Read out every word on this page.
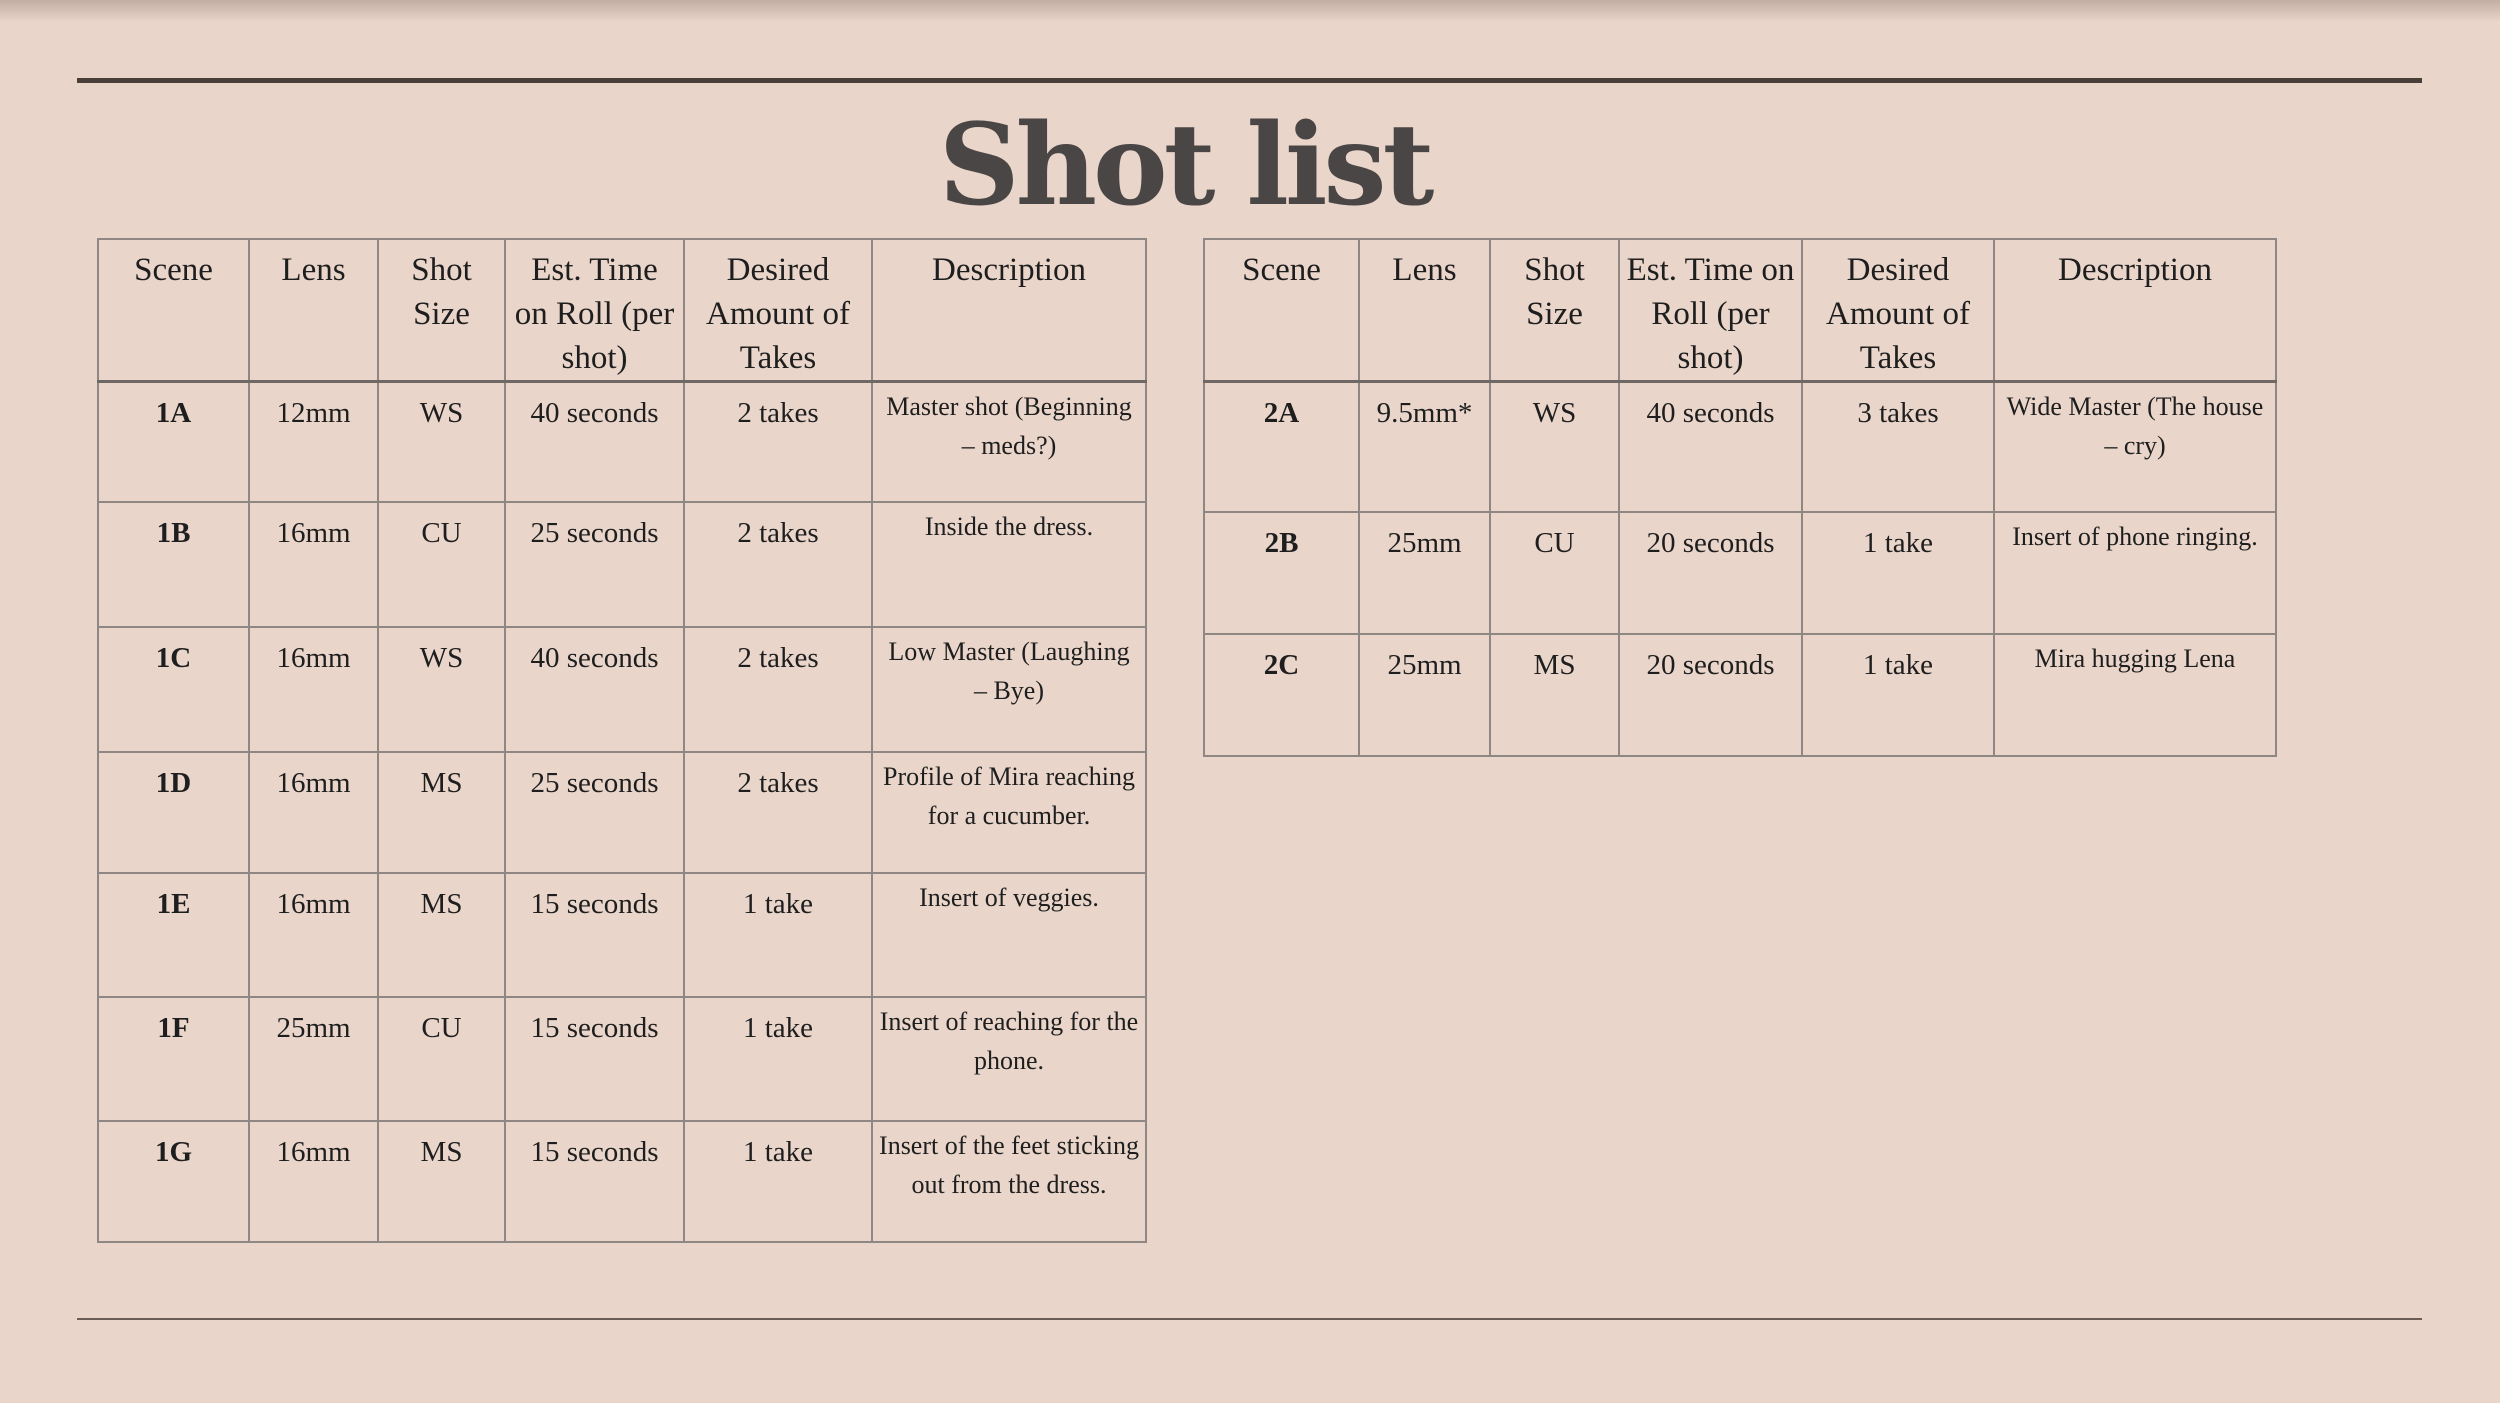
Shot list
Scene	Lens	Shot Size	Est. Time on Roll (per shot)	Desired Amount of Takes	Description
1A	12mm	WS	40 seconds	2 takes	Master shot (Beginning – meds?)
1B	16mm	CU	25 seconds	2 takes	Inside the dress.
1C	16mm	WS	40 seconds	2 takes	Low Master (Laughing – Bye)
1D	16mm	MS	25 seconds	2 takes	Profile of Mira reaching for a cucumber.
1E	16mm	MS	15 seconds	1 take	Insert of veggies.
1F	25mm	CU	15 seconds	1 take	Insert of reaching for the phone.
1G	16mm	MS	15 seconds	1 take	Insert of the feet sticking out from the dress.
Scene	Lens	Shot Size	Est. Time on Roll (per shot)	Desired Amount of Takes	Description
2A	9.5mm*	WS	40 seconds	3 takes	Wide Master (The house – cry)
2B	25mm	CU	20 seconds	1 take	Insert of phone ringing.
2C	25mm	MS	20 seconds	1 take	Mira hugging Lena
